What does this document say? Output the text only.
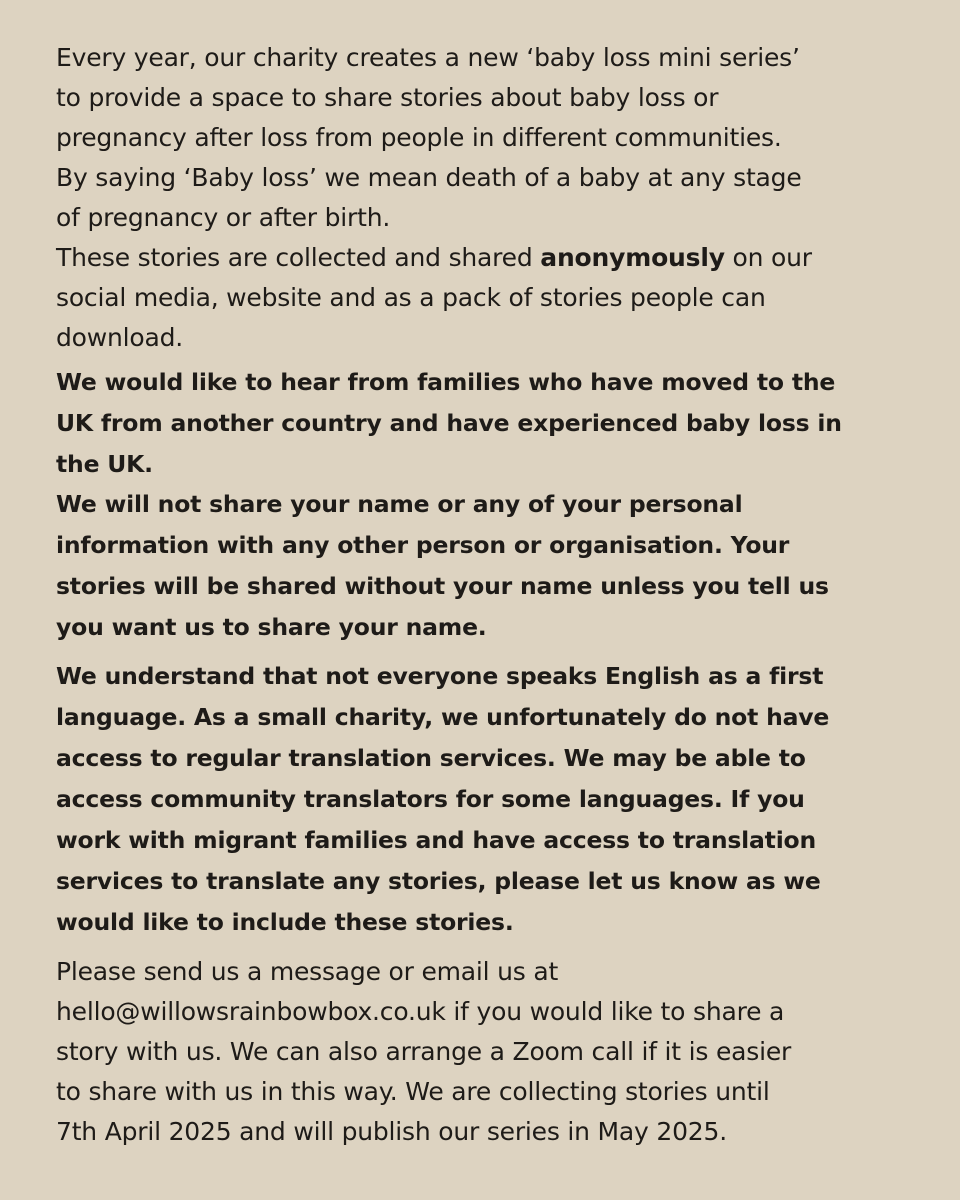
Every year, our charity creates a new ‘baby loss mini series’
to provide a space to share stories about baby loss or
pregnancy after loss from people in different communities.
By saying ‘Baby loss’ we mean death of a baby at any stage
of pregnancy or after birth.

These stories are collected and shared anonymously on our
social media, website and as a pack of stories people can
download.

We would like to hear from families who have moved to the
UK from another country and have experienced baby loss in
the UK.

We will not share your name or any of your personal
information with any other person or organisation. Your
stories will be shared without your name unless you tell us
you want us to share your name.

We understand that not everyone speaks English as a first
language. As a small charity, we unfortunately do not have
access to regular translation services. We may be able to
access community translators for some languages. If you
work with migrant families and have access to translation
services to translate any stories, please let us know as we
would like to include these stories.

Please send us a message or email us at
hello@willowsrainbowbox.co.uk if you would like to share a
story with us. We can also arrange a Zoom call if it is easier
to share with us in this way. We are collecting stories until
7th April 2025 and will publish our series in May 2025.
